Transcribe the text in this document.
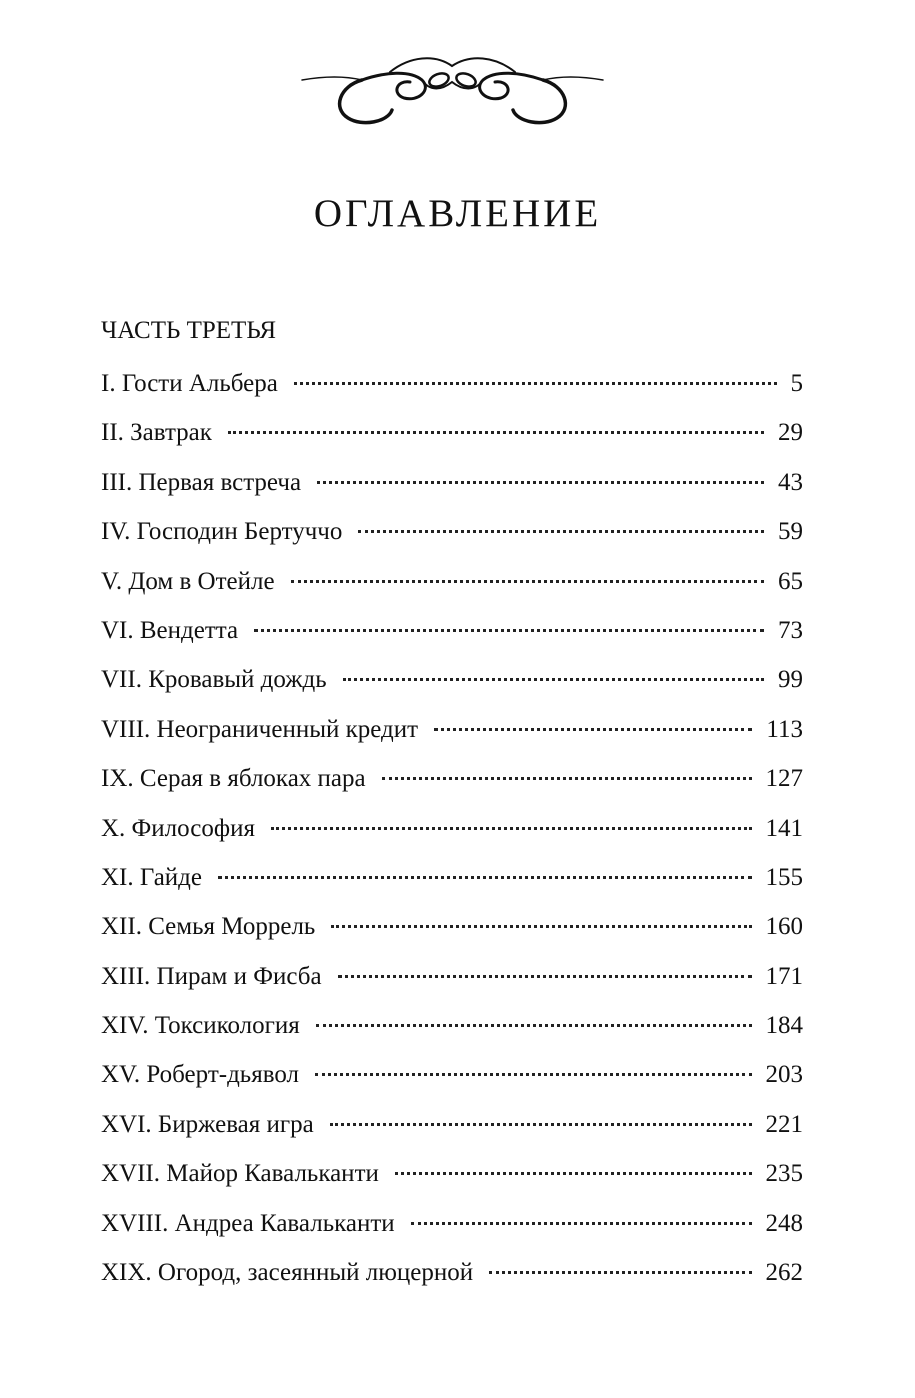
ОГЛАВЛЕНИЕ
ЧАСТЬ ТРЕТЬЯ
I. Гости Альбера	5
II. Завтрак	29
III. Первая встреча	43
IV. Господин Бертуччо	59
V. Дом в Отейле	65
VI. Вендетта	73
VII. Кровавый дождь	99
VIII. Неограниченный кредит	113
IX. Серая в яблоках пара	127
X. Философия	141
XI. Гайде	155
XII. Семья Моррель	160
XIII. Пирам и Фисба	171
XIV. Токсикология	184
XV. Роберт-дьявол	203
XVI. Биржевая игра	221
XVII. Майор Кавальканти	235
XVIII. Андреа Кавальканти	248
XIX. Огород, засеянный люцерной	262
